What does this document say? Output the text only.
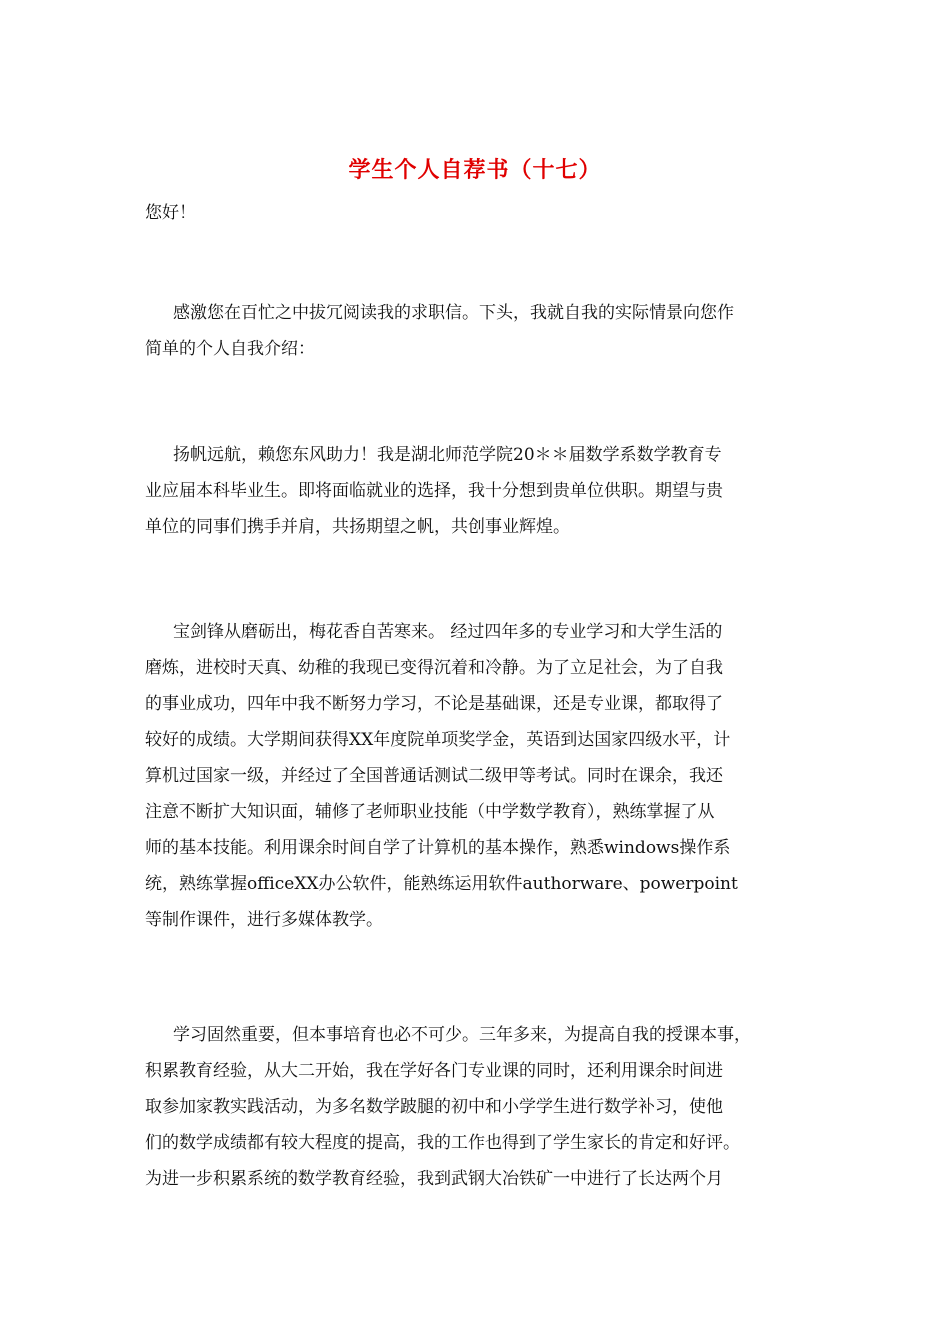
学生个人自荐书（十七）
您好！
感激您在百忙之中拔冗阅读我的求职信。下头，我就自我的实际情景向您作
简单的个人自我介绍：
扬帆远航，赖您东风助力！我是湖北师范学院20＊＊届数学系数学教育专
业应届本科毕业生。即将面临就业的选择，我十分想到贵单位供职。期望与贵
单位的同事们携手并肩，共扬期望之帆，共创事业辉煌。
宝剑锋从磨砺出，梅花香自苦寒来。 经过四年多的专业学习和大学生活的
磨炼，进校时天真、幼稚的我现已变得沉着和冷静。为了立足社会，为了自我
的事业成功，四年中我不断努力学习，不论是基础课，还是专业课，都取得了
较好的成绩。大学期间获得XX年度院单项奖学金，英语到达国家四级水平，计
算机过国家一级，并经过了全国普通话测试二级甲等考试。同时在课余，我还
注意不断扩大知识面，辅修了老师职业技能（中学数学教育），熟练掌握了从
师的基本技能。利用课余时间自学了计算机的基本操作，熟悉windows操作系
统，熟练掌握officeXX办公软件，能熟练运用软件authorware、powerpoint
等制作课件，进行多媒体教学。
学习固然重要，但本事培育也必不可少。三年多来，为提高自我的授课本事，
积累教育经验，从大二开始，我在学好各门专业课的同时，还利用课余时间进
取参加家教实践活动，为多名数学跛腿的初中和小学学生进行数学补习，使他
们的数学成绩都有较大程度的提高，我的工作也得到了学生家长的肯定和好评。
为进一步积累系统的数学教育经验，我到武钢大冶铁矿一中进行了长达两个月
